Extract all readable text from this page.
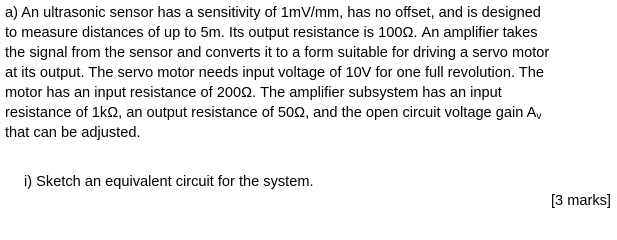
a) An ultrasonic sensor has a sensitivity of 1mV/mm, has no offset, and is designed
to measure distances of up to 5m. Its output resistance is 100Ω. An amplifier takes
the signal from the sensor and converts it to a form suitable for driving a servo motor
at its output. The servo motor needs input voltage of 10V for one full revolution. The
motor has an input resistance of 200Ω. The amplifier subsystem has an input
resistance of 1kΩ, an output resistance of 50Ω, and the open circuit voltage gain $A_v$
that can be adjusted.
i) Sketch an equivalent circuit for the system.
[3 marks]
